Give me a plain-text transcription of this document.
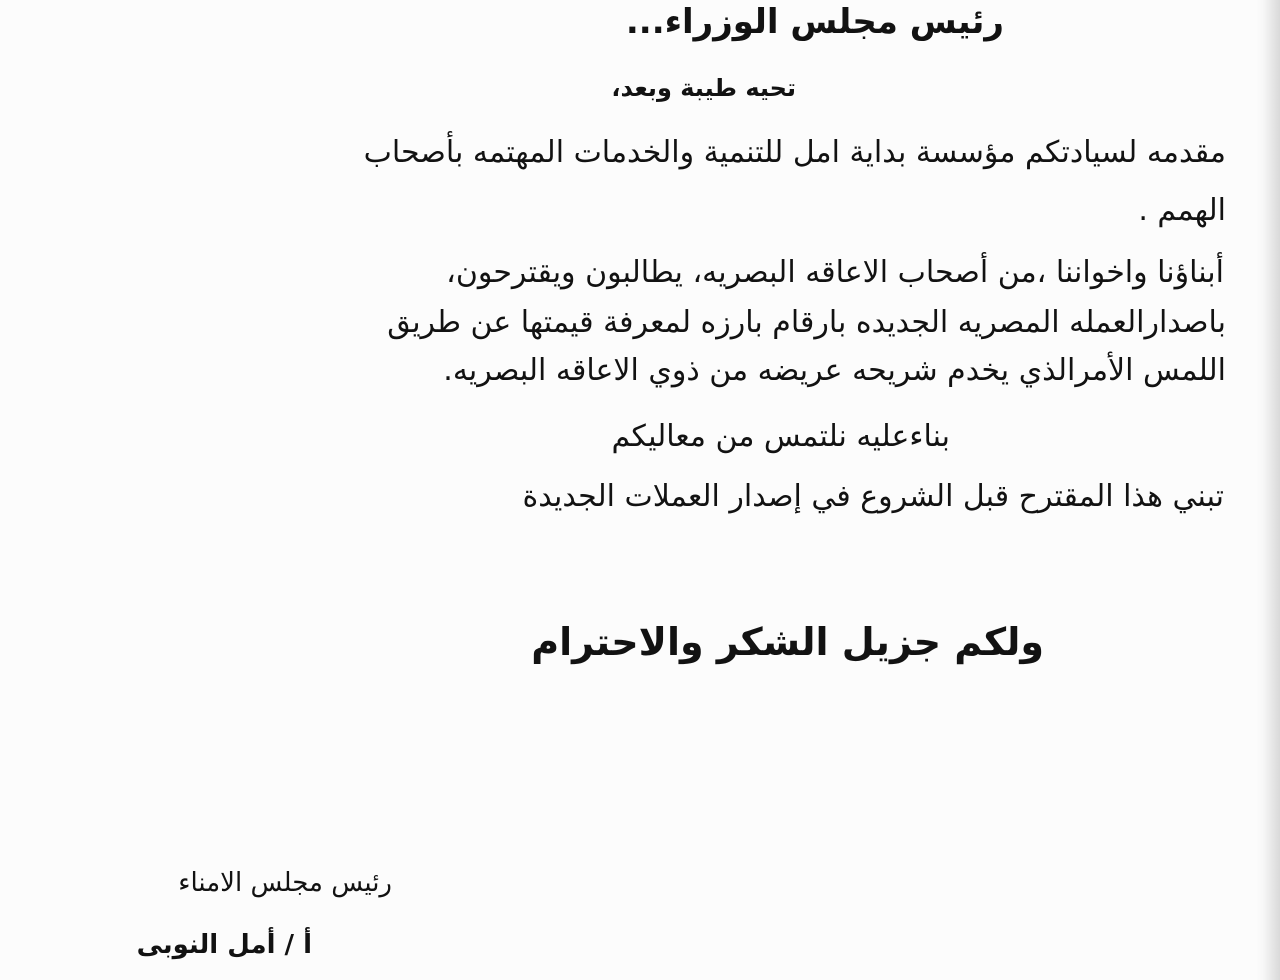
رئيس مجلس الوزراء...

تحيه طيبة وبعد،

مقدمه لسيادتكم مؤسسة بداية امل للتنمية والخدمات المهتمه بأصحاب

الهمم .

أبناؤنا واخواننا ،من أصحاب الاعاقه البصريه، يطالبون ويقترحون،

باصدارالعمله المصريه الجديده بارقام بارزه لمعرفة قيمتها عن طريق

اللمس الأمرالذي يخدم شريحه عريضه من ذوي الاعاقه البصريه.

بناءعليه نلتمس من معاليكم

تبني هذا المقترح قبل الشروع في إصدار العملات الجديدة

ولكم جزيل الشكر والاحترام

رئيس مجلس الامناء

أ / أمل النوبى
